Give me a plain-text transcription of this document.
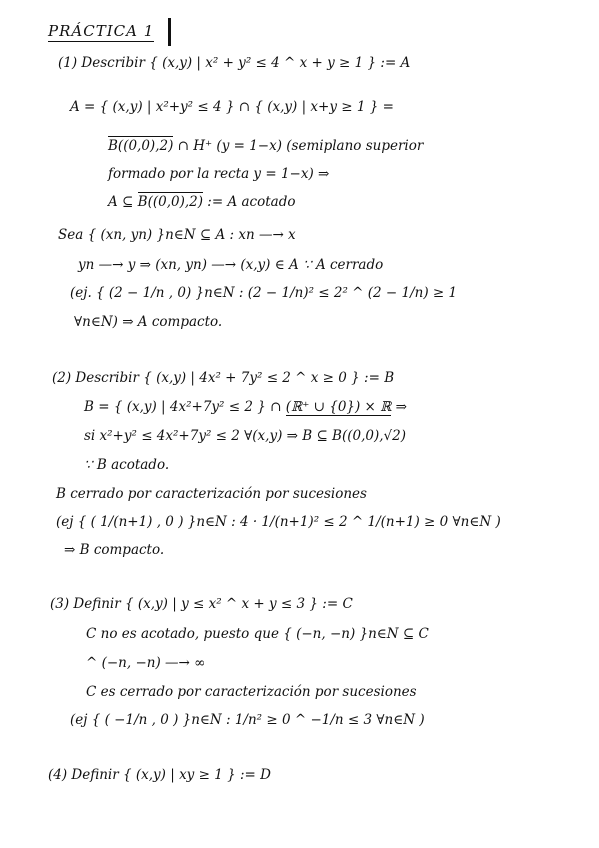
PRÁCTICA 1
(1) Describir { (x,y) | x² + y² ≤ 4 ^ x + y ≥ 1 } := A
A = { (x,y) | x²+y² ≤ 4 } ∩ { (x,y) | x+y ≥ 1 } =
B((0,0),2) ∩ H⁺ (y = 1−x) (semiplano superior
formado por la recta y = 1−x) ⇒
A ⊆ B((0,0),2) := A acotado
Sea { (xn, yn) }n∈N ⊆ A : xn —→ x
yn —→ y ⇒ (xn, yn) —→ (x,y) ∈ A ∵ A cerrado
(ej. { (2 − 1/n , 0) }n∈N : (2 − 1/n)² ≤ 2² ^ (2 − 1/n) ≥ 1
∀n∈N) ⇒ A compacto.
(2) Describir { (x,y) | 4x² + 7y² ≤ 2 ^ x ≥ 0 } := B
B = { (x,y) | 4x²+7y² ≤ 2 } ∩ (ℝ⁺ ∪ {0}) × ℝ ⇒
si x²+y² ≤ 4x²+7y² ≤ 2 ∀(x,y) ⇒ B ⊆ B((0,0),√2)
∵ B acotado.
B cerrado por caracterización por sucesiones
(ej { ( 1/(n+1) , 0 ) }n∈N : 4 · 1/(n+1)² ≤ 2 ^ 1/(n+1) ≥ 0 ∀n∈N )
⇒ B compacto.
(3) Definir { (x,y) | y ≤ x² ^ x + y ≤ 3 } := C
C no es acotado, puesto que { (−n, −n) }n∈N ⊆ C
^ (−n, −n) —→ ∞
C es cerrado por caracterización por sucesiones
(ej { ( −1/n , 0 ) }n∈N : 1/n² ≥ 0 ^ −1/n ≤ 3 ∀n∈N )
(4) Definir { (x,y) | xy ≥ 1 } := D
